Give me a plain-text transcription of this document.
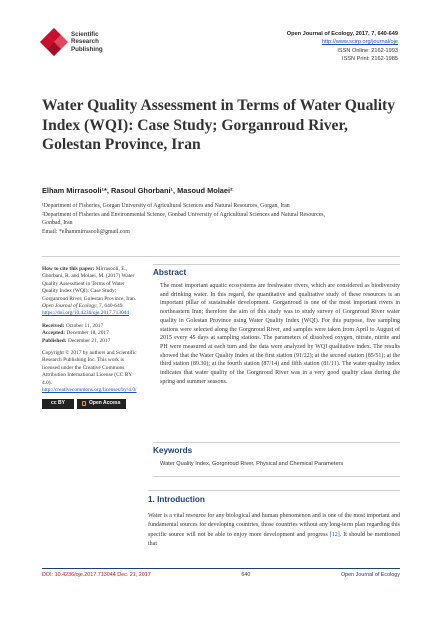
Scientific
Research
Publishing
Open Journal of Ecology, 2017, 7, 640-649
http://www.scirp.org/journal/oje
ISSN Online: 2162-1993
ISSN Print: 2162-1985
Water Quality Assessment in Terms of Water Quality Index (WQI): Case Study; Gorganroud River, Golestan Province, Iran
Elham Mirrasooli¹*, Rasoul Ghorbani¹, Masoud Molaei²
¹Department of Fisheries, Gorgan University of Agricultural Sciences and Natural Resources, Gorgan, Iran
²Department of Fisheries and Environmental Science, Gonbad University of Agricultural Sciences and Natural Resources,
Gonbad, Iran
Email: *elhammirrasooli@gmail.com
How to cite this paper: Mirrasooli, E., Ghorbani, R. and Molaei, M. (2017) Water Quality Assessment in Terms of Water Quality Index (WQI): Case Study; Gorganroud River, Golestan Province, Iran. Open Journal of Ecology, 7, 640-649. https://doi.org/10.4236/oje.2017.713044
Received: October 11, 2017
Accepted: December 18, 2017
Published: December 21, 2017
Copyright © 2017 by authors and Scientific Research Publishing Inc. This work is licensed under the Creative Commons Attribution International License (CC BY 4.0). http://creativecommons.org/licenses/by/4.0/
cc BY	Open Access
Abstract
The most important aquatic ecosystems are freshwater rivers, which are considered as biodiversity and drinking water. In this regard, the quantitative and qualitative study of these resources is an important pillar of sustainable development. Gorganroud is one of the most important rivers in northeastern Iran; therefore the aim of this study was to study survey of Gorgnroud River water quality in Golestan Province using Water Quality Index (WQI). For this purpose, five sampling stations were selected along the Gorgnroud River, and samples were taken from April to August of 2015 every 45 days at sampling stations. The parameters of dissolved oxygen, nitrate, nitrite and PH were measured at each turn and the data were analyzed by WQI qualitative index. The results showed that the Water Quality Index at the first station (91/22); at the second station (85/51); at the third station (89.30); at the fourth station (87/14) and fifth station (81/11). The water quality index indicates that water quality of the Gorgnroud River was in a very good quality class during the spring and summer seasons.
Keywords
Water Quality Index, Gorgnroud River, Physical and Chemical Parameters
1. Introduction
Water is a vital resource for any biological and human phenomenon and is one of the most important and fundamental sources for developing countries, those countries without any long-term plan regarding this specific source will not be able to enjoy more development and progress [12]. It should be mentioned that
DOI: 10.4236/oje.2017.713044 Dec. 21, 2017	640	Open Journal of Ecology
